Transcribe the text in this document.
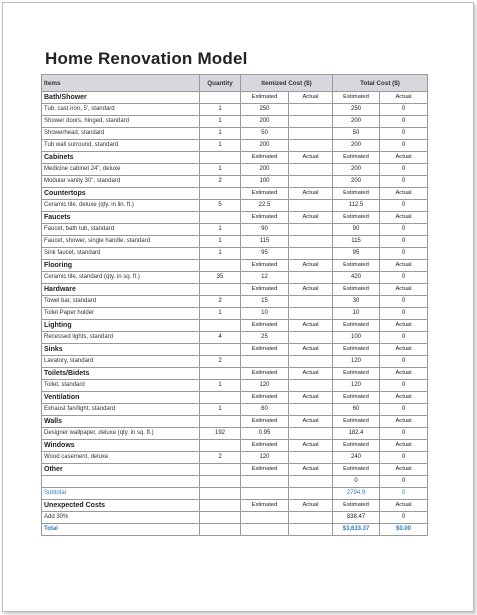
Home Renovation Model
Items	Quantity	Itemized Cost ($)		Total Cost ($)	
Bath/Shower		Estimated	Actual	Estimated	Actual
Tub, cast iron, 5', standard	1	250		250	0
Shower doors, hinged, standard	1	200		200	0
Showerhead, standard	1	50		50	0
Tub wall surround, standard	1	200		200	0
Cabinets		Estimated	Actual	Estimated	Actual
Medicine cabinet 24", deluxe	1	200		200	0
Modular vanity 30", standard	2	100		200	0
Countertops		Estimated	Actual	Estimated	Actual
Ceramic tile, deluxe (qty. in lin. ft.)	5	22.5		112.5	0
Faucets		Estimated	Actual	Estimated	Actual
Faucet, bath tub, standard	1	90		90	0
Faucet, shower, single handle, standard	1	115		115	0
Sink faucet, standard	1	95		95	0
Flooring		Estimated	Actual	Estimated	Actual
Ceramic tile, standard (qty. in sq. ft.)	35	12		420	0
Hardware		Estimated	Actual	Estimated	Actual
Towel bar, standard	2	15		30	0
Toilet Paper holder	1	10		10	0
Lighting		Estimated	Actual	Estimated	Actual
Recessed lights, standard	4	25		100	0
Sinks		Estimated	Actual	Estimated	Actual
Lavatory, standard	2			120	0
Toilets/Bidets		Estimated	Actual	Estimated	Actual
Toilet, standard	1	120		120	0
Ventilation		Estimated	Actual	Estimated	Actual
Exhaust fan/light, standard	1	60		60	0
Walls		Estimated	Actual	Estimated	Actual
Designer wallpaper, deluxe (qty. in sq. ft.)	192	0.95		182.4	0
Windows		Estimated	Actual	Estimated	Actual
Wood casement, deluxe	2	120		240	0
Other		Estimated	Actual	Estimated	Actual
				0	0
Subtotal				2794.9	0
Unexpected Costs		Estimated	Actual	Estimated	Actual
Add 30%				838.47	0
Total				$3,633.37	$0.00
